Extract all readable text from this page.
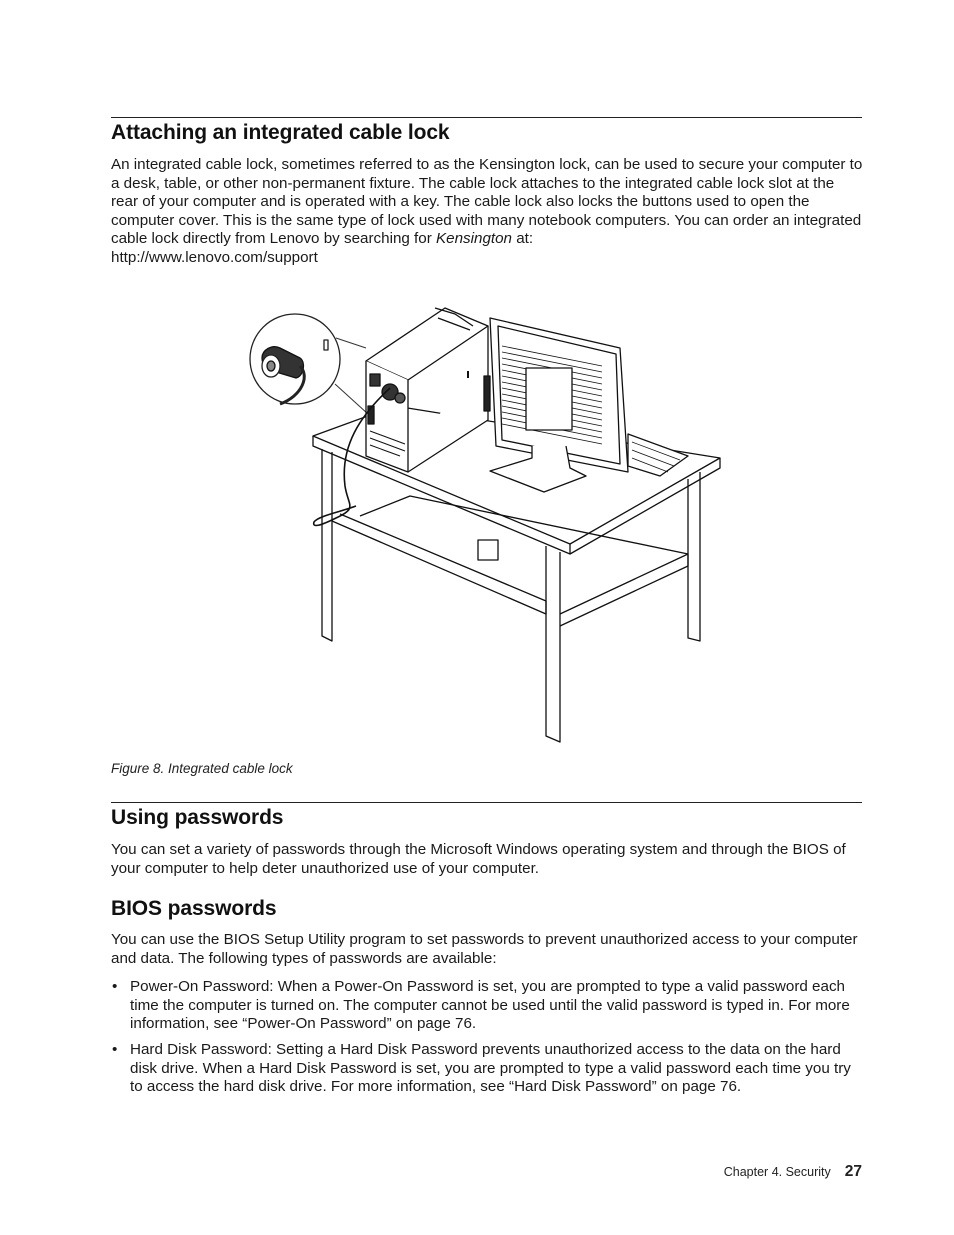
Attaching an integrated cable lock

An integrated cable lock, sometimes referred to as the Kensington lock, can be used to secure your computer to a desk, table, or other non-permanent fixture. The cable lock attaches to the integrated cable lock slot at the rear of your computer and is operated with a key. The cable lock also locks the buttons used to open the computer cover. This is the same type of lock used with many notebook computers. You can order an integrated cable lock directly from Lenovo by searching for Kensington at:
http://www.lenovo.com/support

Figure 8. Integrated cable lock
Using passwords

You can set a variety of passwords through the Microsoft Windows operating system and through the BIOS of your computer to help deter unauthorized use of your computer.

BIOS passwords

You can use the BIOS Setup Utility program to set passwords to prevent unauthorized access to your computer and data. The following types of passwords are available:

• Power-On Password: When a Power-On Password is set, you are prompted to type a valid password each time the computer is turned on. The computer cannot be used until the valid password is typed in. For more information, see “Power-On Password” on page 76.
• Hard Disk Password: Setting a Hard Disk Password prevents unauthorized access to the data on the hard disk drive. When a Hard Disk Password is set, you are prompted to type a valid password each time you try to access the hard disk drive. For more information, see “Hard Disk Password” on page 76.
Chapter 4. Security 27
